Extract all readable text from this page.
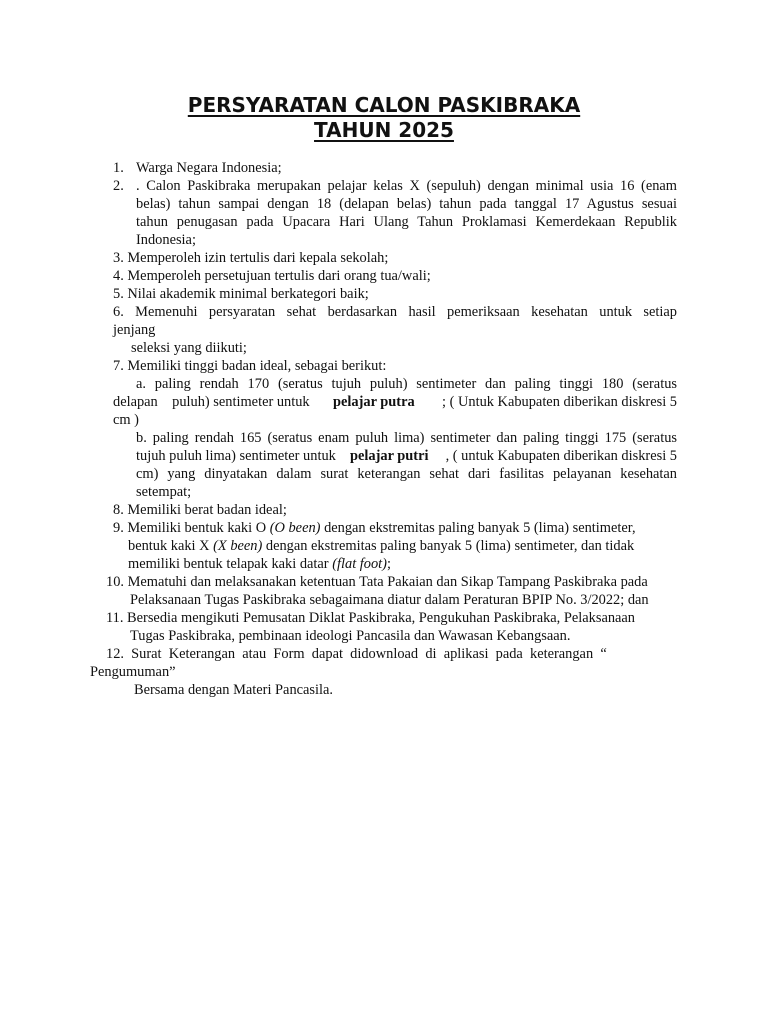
PERSYARATAN CALON PASKIBRAKA
TAHUN 2025
1. Warga Negara Indonesia;
2. . Calon Paskibraka merupakan pelajar kelas X (sepuluh) dengan minimal usia 16 (enam
belas) tahun sampai dengan 18 (delapan belas) tahun pada tanggal 17 Agustus sesuai
tahun penugasan pada Upacara Hari Ulang Tahun Proklamasi Kemerdekaan Republik
Indonesia;
3. Memperoleh izin tertulis dari kepala sekolah;
4. Memperoleh persetujuan tertulis dari orang tua/wali;
5. Nilai akademik minimal berkategori baik;
6. Memenuhi persyaratan sehat berdasarkan hasil pemeriksaan kesehatan untuk setiap
jenjang
seleksi yang diikuti;
7. Memiliki tinggi badan ideal, sebagai berikut:
a. paling rendah 170 (seratus tujuh puluh) sentimeter dan paling tinggi 180 (seratus
delapan    puluh) sentimeter untuk pelajar putra	; ( Untuk Kabupaten diberikan diskresi 5
cm )
b. paling rendah 165 (seratus enam puluh lima) sentimeter dan paling tinggi 175 (seratus
tujuh puluh lima) sentimeter untuk pelajar putri	, ( untuk Kabupaten diberikan diskresi 5
cm) yang dinyatakan dalam surat keterangan sehat dari fasilitas pelayanan kesehatan
setempat;
8. Memiliki berat badan ideal;
9. Memiliki bentuk kaki O (O been) dengan ekstremitas paling banyak 5 (lima) sentimeter,
bentuk kaki X (X been) dengan ekstremitas paling banyak 5 (lima) sentimeter, dan tidak
memiliki bentuk telapak kaki datar (flat foot);
10. Mematuhi dan melaksanakan ketentuan Tata Pakaian dan Sikap Tampang Paskibraka pada
Pelaksanaan Tugas Paskibraka sebagaimana diatur dalam Peraturan BPIP No. 3/2022; dan
11. Bersedia mengikuti Pemusatan Diklat Paskibraka, Pengukuhan Paskibraka, Pelaksanaan
Tugas Paskibraka, pembinaan ideologi Pancasila dan Wawasan Kebangsaan.
12.  Surat  Keterangan  atau  Form  dapat  didownload  di  aplikasi  pada  keterangan  “
Pengumuman”
Bersama dengan Materi Pancasila.
